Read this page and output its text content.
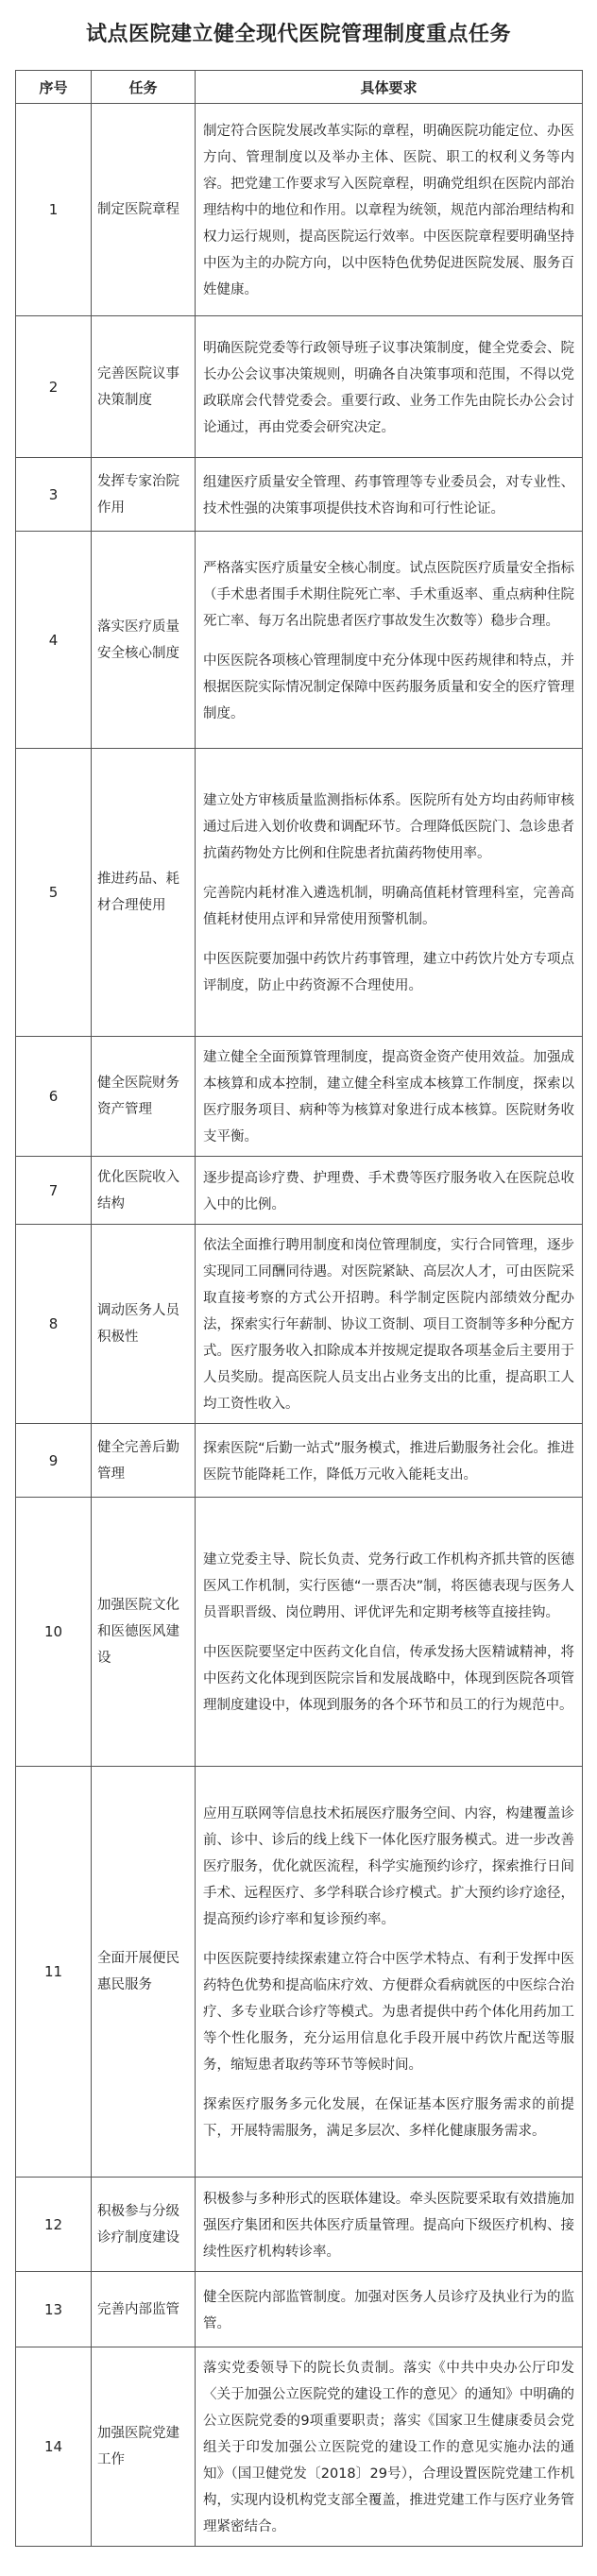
试点医院建立健全现代医院管理制度重点任务
序号	任务	具体要求
1	制定医院章程	制定符合医院发展改革实际的章程，明确医院功能定位、办医方向、管理制度以及举办主体、医院、职工的权利义务等内容。把党建工作要求写入医院章程，明确党组织在医院内部治理结构中的地位和作用。以章程为统领，规范内部治理结构和权力运行规则，提高医院运行效率。中医医院章程要明确坚持中医为主的办院方向，以中医特色优势促进医院发展、服务百姓健康。

2	完善医院议事决策制度	明确医院党委等行政领导班子议事决策制度，健全党委会、院长办公会议事决策规则，明确各自决策事项和范围，不得以党政联席会代替党委会。重要行政、业务工作先由院长办公会讨论通过，再由党委会研究决定。

3	发挥专家治院作用	组建医疗质量安全管理、药事管理等专业委员会，对专业性、技术性强的决策事项提供技术咨询和可行性论证。

4	落实医疗质量安全核心制度	严格落实医疗质量安全核心制度。试点医院医疗质量安全指标（手术患者围手术期住院死亡率、手术重返率、重点病种住院死亡率、每万名出院患者医疗事故发生次数等）稳步合理。

中医医院各项核心管理制度中充分体现中医药规律和特点，并根据医院实际情况制定保障中医药服务质量和安全的医疗管理制度。

5	推进药品、耗材合理使用	建立处方审核质量监测指标体系。医院所有处方均由药师审核通过后进入划价收费和调配环节。合理降低医院门、急诊患者抗菌药物处方比例和住院患者抗菌药物使用率。

完善院内耗材准入遴选机制，明确高值耗材管理科室，完善高值耗材使用点评和异常使用预警机制。

中医医院要加强中药饮片药事管理，建立中药饮片处方专项点评制度，防止中药资源不合理使用。

6	健全医院财务资产管理	建立健全全面预算管理制度，提高资金资产使用效益。加强成本核算和成本控制，建立健全科室成本核算工作制度，探索以医疗服务项目、病种等为核算对象进行成本核算。医院财务收支平衡。

7	优化医院收入结构	逐步提高诊疗费、护理费、手术费等医疗服务收入在医院总收入中的比例。

8	调动医务人员积极性	依法全面推行聘用制度和岗位管理制度，实行合同管理，逐步实现同工同酬同待遇。对医院紧缺、高层次人才，可由医院采取直接考察的方式公开招聘。科学制定医院内部绩效分配办法，探索实行年薪制、协议工资制、项目工资制等多种分配方式。医疗服务收入扣除成本并按规定提取各项基金后主要用于人员奖励。提高医院人员支出占业务支出的比重，提高职工人均工资性收入。

9	健全完善后勤管理	探索医院“后勤一站式”服务模式，推进后勤服务社会化。推进医院节能降耗工作，降低万元收入能耗支出。

10	加强医院文化和医德医风建设	建立党委主导、院长负责、党务行政工作机构齐抓共管的医德医风工作机制，实行医德“一票否决”制，将医德表现与医务人员晋职晋级、岗位聘用、评优评先和定期考核等直接挂钩。

中医医院要坚定中医药文化自信，传承发扬大医精诚精神，将中医药文化体现到医院宗旨和发展战略中，体现到医院各项管理制度建设中，体现到服务的各个环节和员工的行为规范中。

11	全面开展便民惠民服务	应用互联网等信息技术拓展医疗服务空间、内容，构建覆盖诊前、诊中、诊后的线上线下一体化医疗服务模式。进一步改善医疗服务，优化就医流程，科学实施预约诊疗，探索推行日间手术、远程医疗、多学科联合诊疗模式。扩大预约诊疗途径，提高预约诊疗率和复诊预约率。

中医医院要持续探索建立符合中医学术特点、有利于发挥中医药特色优势和提高临床疗效、方便群众看病就医的中医综合治疗、多专业联合诊疗等模式。为患者提供中药个体化用药加工等个性化服务，充分运用信息化手段开展中药饮片配送等服务，缩短患者取药等环节等候时间。

探索医疗服务多元化发展，在保证基本医疗服务需求的前提下，开展特需服务，满足多层次、多样化健康服务需求。

12	积极参与分级诊疗制度建设	积极参与多种形式的医联体建设。牵头医院要采取有效措施加强医疗集团和医共体医疗质量管理。提高向下级医疗机构、接续性医疗机构转诊率。

13	完善内部监管	健全医院内部监管制度。加强对医务人员诊疗及执业行为的监管。

14	加强医院党建工作	落实党委领导下的院长负责制。落实《中共中央办公厅印发〈关于加强公立医院党的建设工作的意见〉的通知》中明确的公立医院党委的9项重要职责；落实《国家卫生健康委员会党组关于印发加强公立医院党的建设工作的意见实施办法的通知》（国卫健党发〔2018〕29号），合理设置医院党建工作机构，实现内设机构党支部全覆盖，推进党建工作与医疗业务管理紧密结合。
